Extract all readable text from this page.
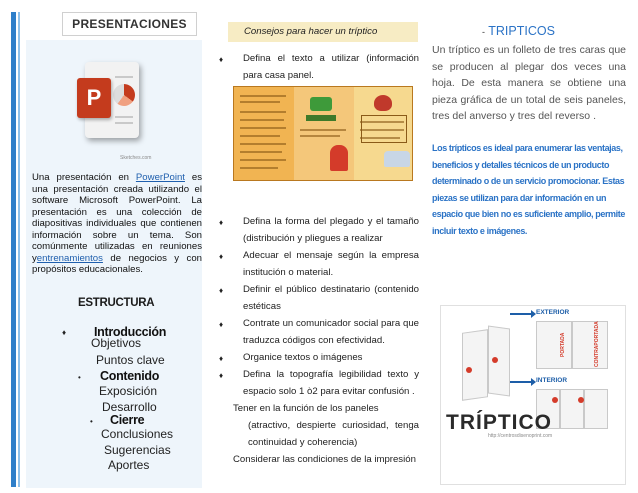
PRESENTACIONES
P
Sketches.com
Una presentación en PowerPoint es una presentación creada utilizando el software Microsoft PowerPoint. La presentación es una colección de diapositivas individuales que contienen información sobre un tema. Son comúnmente utilizadas en reuniones yentrenamientos de negocios y con propósitos educacionales.
ESTRUCTURA
♦ Introducción
Objetivos
Puntos clave
• Contenido
Exposición
Desarrollo
• Cierre
Conclusiones
Sugerencias
Aportes
Consejos para hacer un tríptico
♦ Defina el texto a utilizar (información para casa panel.
♦ Defina la forma del plegado y el tamaño (distribución y pliegues a realizar
♦ Adecuar el mensaje según la empresa institución o material.
♦ Definir el público destinatario (contenido estéticas
♦ Contrate un comunicador social para que traduzca códigos con efectividad.
♦ Organice textos o imágenes
♦ Defina la topografía legibilidad texto y espacio solo 1 ò2 para evitar confusión .
Tener en la función de los paneles
(atractivo, despierte curiosidad, tenga continuidad y coherencia)
Considerar las condiciones de la impresión
- TRIPTICOS
Un tríptico es un folleto de tres caras que se producen al plegar dos veces una hoja. De esta manera se obtiene una pieza gráfica de un total de seis paneles, tres del anverso y tres del reverso .
Los trípticos es ideal para enumerar las ventajas, beneficios y detalles técnicos de un producto determinado o de un servicio promocionar. Estas piezas se utilizan para dar información en un espacio que bien no es suficiente amplio, permite incluir texto e imágenes.
EXTERIOR
PORTADA	CONTRAPORTADA
INTERIOR
TRÍPTICO
http://centrosdisenoprint.com
